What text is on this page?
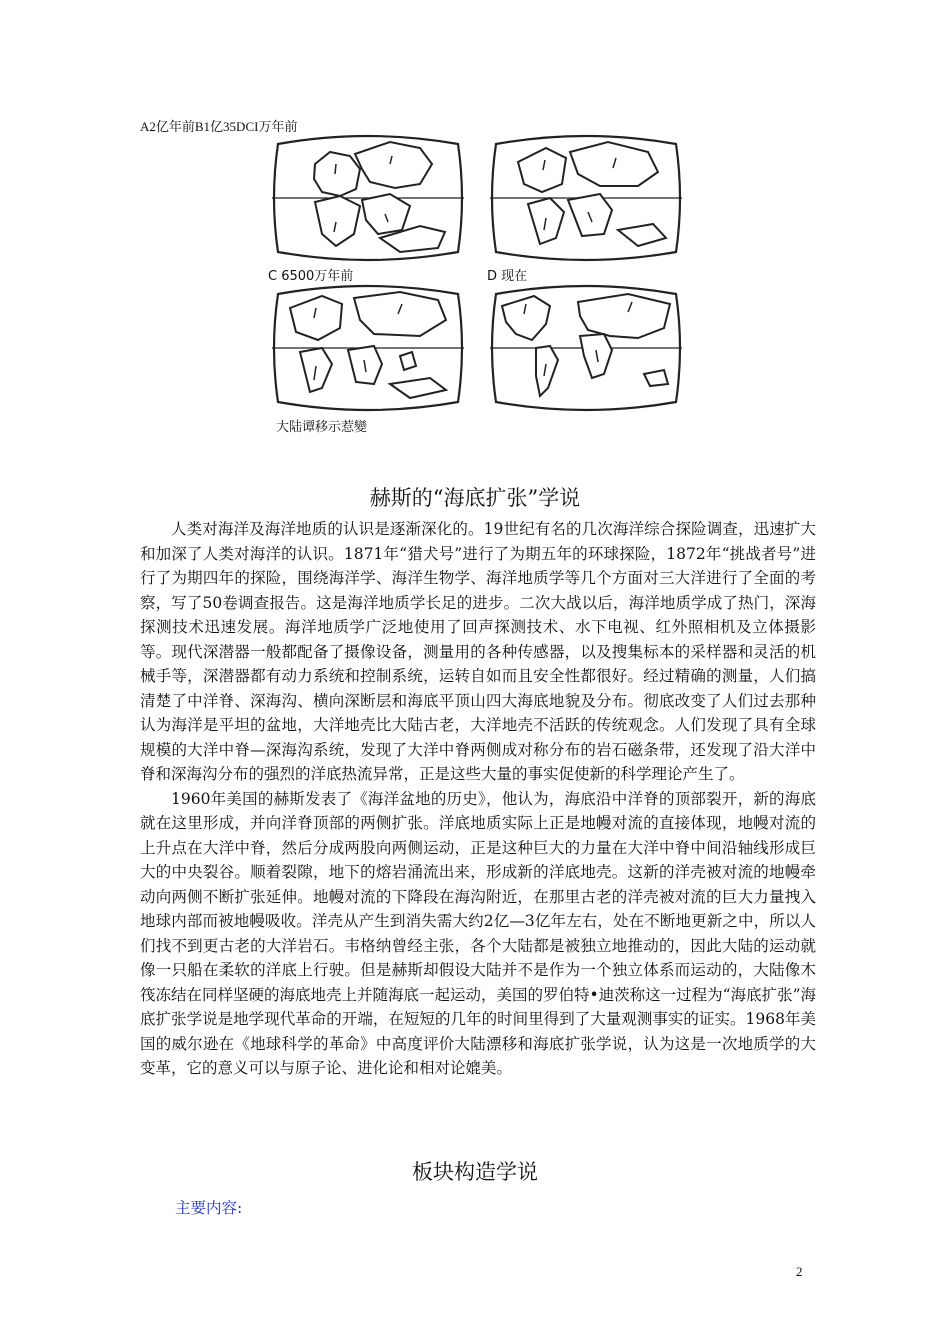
A2亿年前B1亿35DCI万年前
C 6500万年前	D 现在
大陆谭移示惹變
赫斯的“海底扩张”学说

人类对海洋及海洋地质的认识是逐渐深化的。19世纪有名的几次海洋综合探险调查，迅速扩大和加深了人类对海洋的认识。1871年“猎犬号”进行了为期五年的环球探险，1872年“挑战者号”进行了为期四年的探险，围绕海洋学、海洋生物学、海洋地质学等几个方面对三大洋进行了全面的考察，写了50卷调查报告。这是海洋地质学长足的进步。二次大战以后，海洋地质学成了热门，深海探测技术迅速发展。海洋地质学广泛地使用了回声探测技术、水下电视、红外照相机及立体摄影等。现代深潜器一般都配备了摄像设备，测量用的各种传感器，以及搜集标本的采样器和灵活的机械手等，深潜器都有动力系统和控制系统，运转自如而且安全性都很好。经过精确的测量，人们搞清楚了中洋脊、深海沟、横向深断层和海底平顶山四大海底地貌及分布。彻底改变了人们过去那种认为海洋是平坦的盆地，大洋地壳比大陆古老，大洋地壳不活跃的传统观念。人们发现了具有全球规模的大洋中脊—深海沟系统，发现了大洋中脊两侧成对称分布的岩石磁条带，还发现了沿大洋中脊和深海沟分布的强烈的洋底热流异常，正是这些大量的事实促使新的科学理论产生了。

1960年美国的赫斯发表了《海洋盆地的历史》，他认为，海底沿中洋脊的顶部裂开，新的海底就在这里形成，并向洋脊顶部的两侧扩张。洋底地质实际上正是地幔对流的直接体现，地幔对流的上升点在大洋中脊，然后分成两股向两侧运动，正是这种巨大的力量在大洋中脊中间沿轴线形成巨大的中央裂谷。顺着裂隙，地下的熔岩涌流出来，形成新的洋底地壳。这新的洋壳被对流的地幔牵动向两侧不断扩张延伸。地幔对流的下降段在海沟附近，在那里古老的洋壳被对流的巨大力量拽入地球内部而被地幔吸收。洋壳从产生到消失需大约2亿—3亿年左右，处在不断地更新之中，所以人们找不到更古老的大洋岩石。韦格纳曾经主张，各个大陆都是被独立地推动的，因此大陆的运动就像一只船在柔软的洋底上行驶。但是赫斯却假设大陆并不是作为一个独立体系而运动的，大陆像木筏冻结在同样坚硬的海底地壳上并随海底一起运动，美国的罗伯特•迪茨称这一过程为“海底扩张”海底扩张学说是地学现代革命的开端，在短短的几年的时间里得到了大量观测事实的证实。1968年美国的威尔逊在《地球科学的革命》中高度评价大陆漂移和海底扩张学说，认为这是一次地质学的大变革，它的意义可以与原子论、进化论和相对论媲美。

板块构造学说
主要内容:
2
